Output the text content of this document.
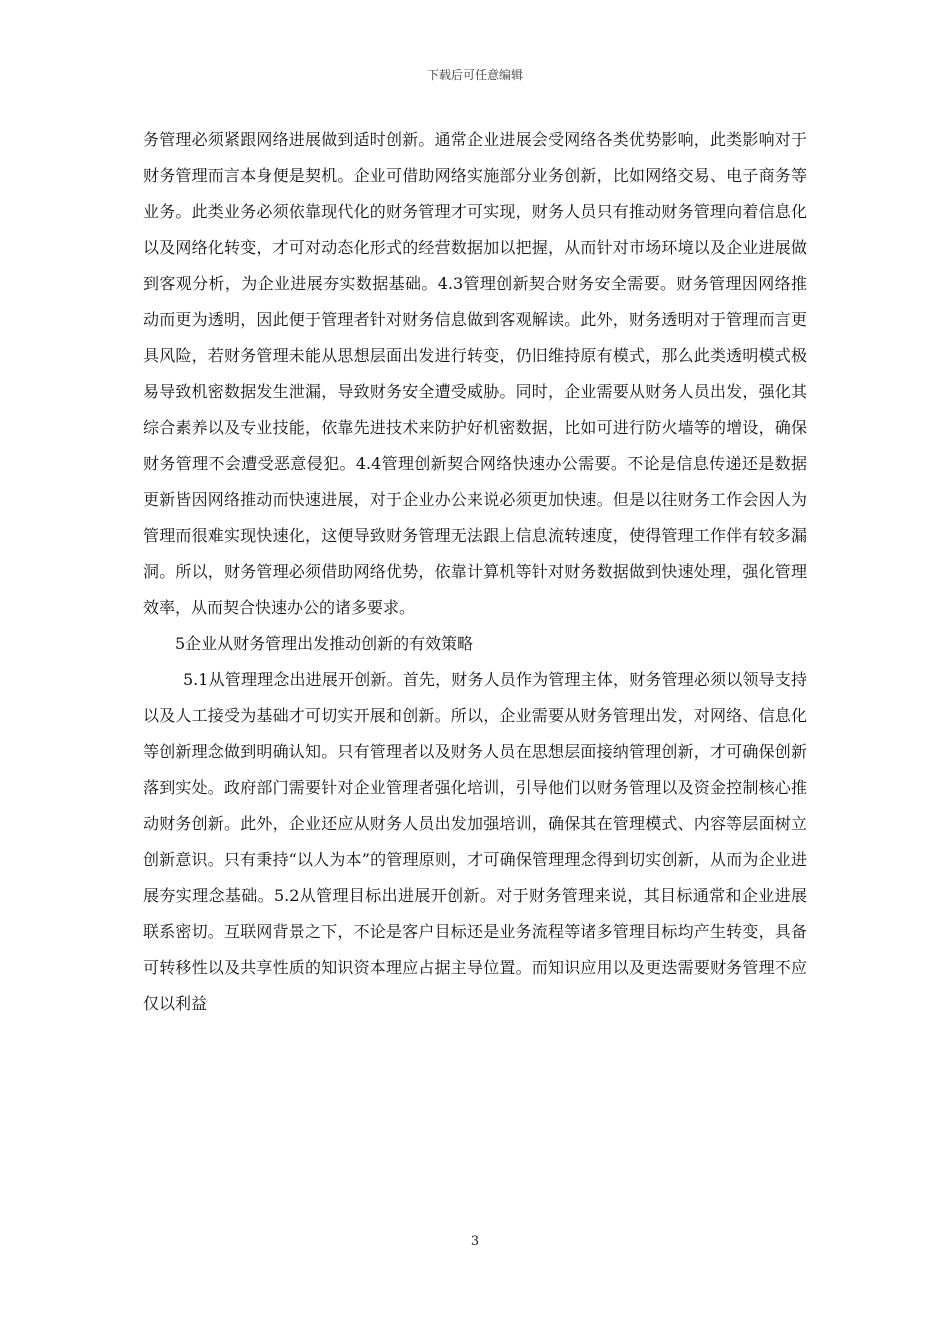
下载后可任意编辑

务管理必须紧跟网络进展做到适时创新。通常企业进展会受网络各类优势影响，此类影响对于财务管理而言本身便是契机。企业可借助网络实施部分业务创新，比如网络交易、电子商务等业务。此类业务必须依靠现代化的财务管理才可实现，财务人员只有推动财务管理向着信息化以及网络化转变，才可对动态化形式的经营数据加以把握，从而针对市场环境以及企业进展做到客观分析，为企业进展夯实数据基础。4.3管理创新契合财务安全需要。财务管理因网络推动而更为透明，因此便于管理者针对财务信息做到客观解读。此外，财务透明对于管理而言更具风险，若财务管理未能从思想层面出发进行转变，仍旧维持原有模式，那么此类透明模式极易导致机密数据发生泄漏，导致财务安全遭受威胁。同时，企业需要从财务人员出发，强化其综合素养以及专业技能，依靠先进技术来防护好机密数据，比如可进行防火墙等的增设，确保财务管理不会遭受恶意侵犯。4.4管理创新契合网络快速办公需要。不论是信息传递还是数据更新皆因网络推动而快速进展，对于企业办公来说必须更加快速。但是以往财务工作会因人为管理而很难实现快速化，这便导致财务管理无法跟上信息流转速度，使得管理工作伴有较多漏洞。所以，财务管理必须借助网络优势，依靠计算机等针对财务数据做到快速处理，强化管理效率，从而契合快速办公的诸多要求。

5企业从财务管理出发推动创新的有效策略

5.1从管理理念出进展开创新。首先，财务人员作为管理主体，财务管理必须以领导支持以及人工接受为基础才可切实开展和创新。所以，企业需要从财务管理出发，对网络、信息化等创新理念做到明确认知。只有管理者以及财务人员在思想层面接纳管理创新，才可确保创新落到实处。政府部门需要针对企业管理者强化培训，引导他们以财务管理以及资金控制核心推动财务创新。此外，企业还应从财务人员出发加强培训，确保其在管理模式、内容等层面树立创新意识。只有秉持“以人为本”的管理原则，才可确保管理理念得到切实创新，从而为企业进展夯实理念基础。5.2从管理目标出进展开创新。对于财务管理来说，其目标通常和企业进展联系密切。互联网背景之下，不论是客户目标还是业务流程等诸多管理目标均产生转变，具备可转移性以及共享性质的知识资本理应占据主导位置。而知识应用以及更迭需要财务管理不应仅以利益

3
